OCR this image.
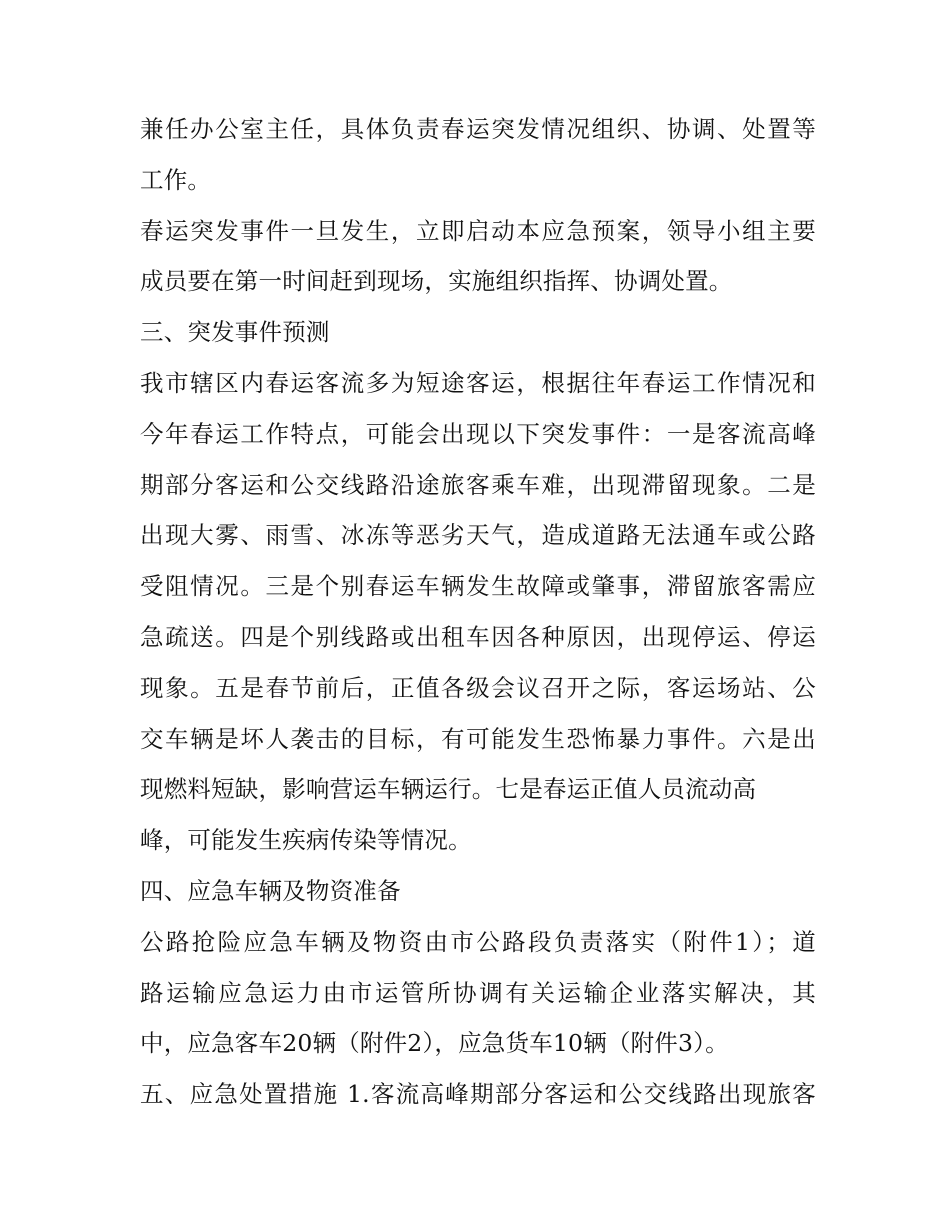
兼任办公室主任，具体负责春运突发情况组织、协调、处置等
工作。
春运突发事件一旦发生，立即启动本应急预案，领导小组主要
成员要在第一时间赶到现场，实施组织指挥、协调处置。
三、突发事件预测
我市辖区内春运客流多为短途客运，根据往年春运工作情况和
今年春运工作特点，可能会出现以下突发事件：一是客流高峰
期部分客运和公交线路沿途旅客乘车难，出现滞留现象。二是
出现大雾、雨雪、冰冻等恶劣天气，造成道路无法通车或公路
受阻情况。三是个别春运车辆发生故障或肇事，滞留旅客需应
急疏送。四是个别线路或出租车因各种原因，出现停运、停运
现象。五是春节前后，正值各级会议召开之际，客运场站、公
交车辆是坏人袭击的目标，有可能发生恐怖暴力事件。六是出
现燃料短缺，影响营运车辆运行。七是春运正值人员流动高
峰，可能发生疾病传染等情况。
四、应急车辆及物资准备
公路抢险应急车辆及物资由市公路段负责落实（附件1）；道
路运输应急运力由市运管所协调有关运输企业落实解决，其
中，应急客车20辆（附件2），应急货车10辆（附件3）。
五、应急处置措施 1.客流高峰期部分客运和公交线路出现旅客
